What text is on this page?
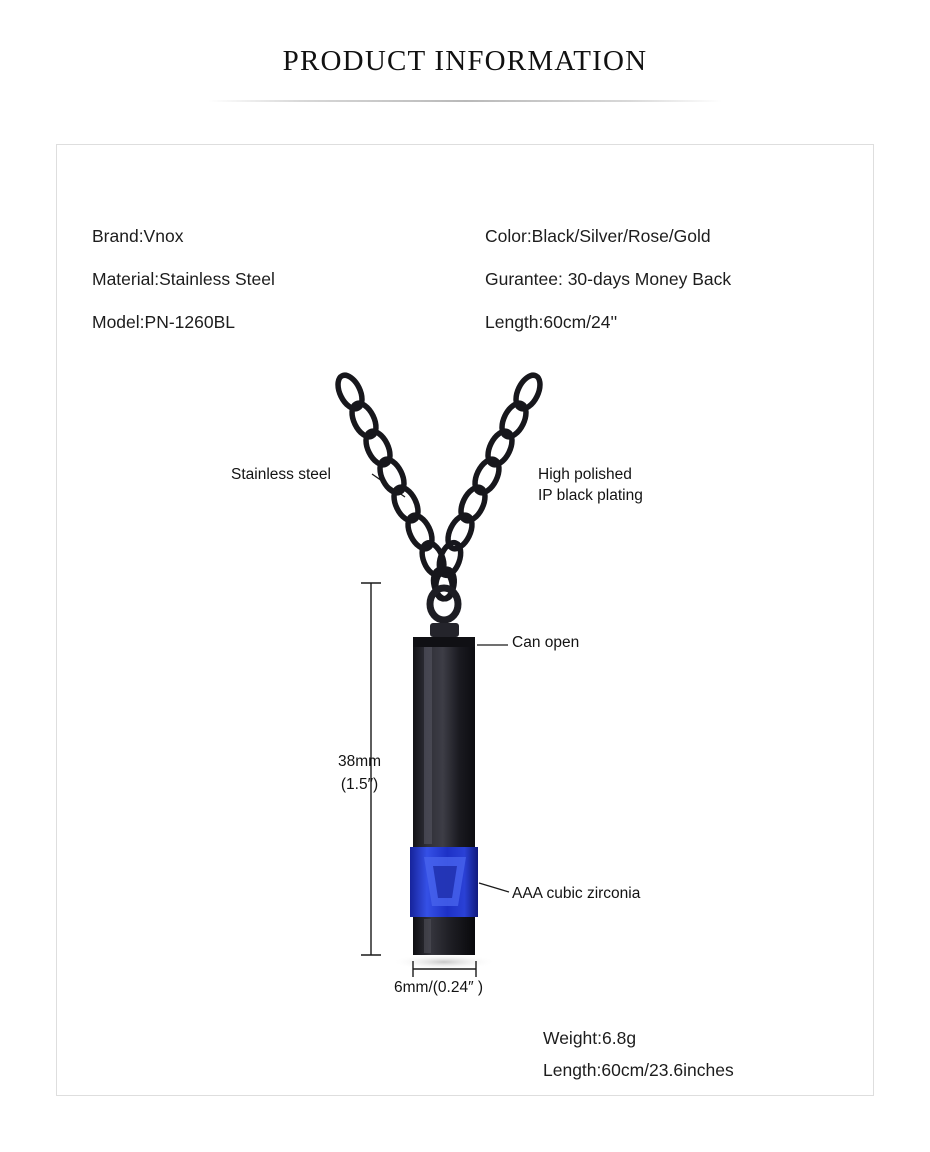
PRODUCT INFORMATION
Brand:Vnox
Material:Stainless Steel
Model:PN-1260BL
Color:Black/Silver/Rose/Gold
Gurantee: 30-days Money Back
Length:60cm/24''
Stainless steel	High polished
IP black plating
Can open
AAA cubic zirconia
38mm
(1.5″)
6mm/(0.24″ )
Weight:6.8g
Length:60cm/23.6inches
